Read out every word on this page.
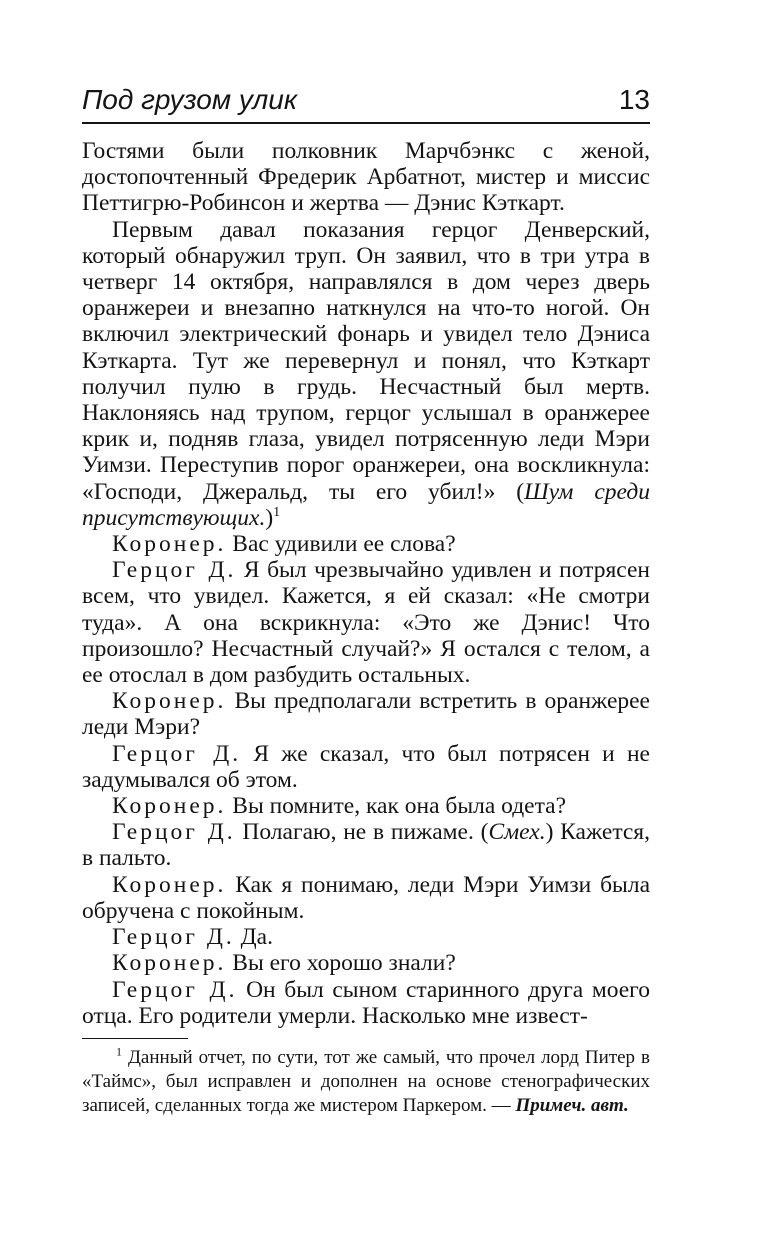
Под грузом улик	13

Гостями были полковник Марчбэнкс с женой, достопочтенный Фредерик Арбатнот, мистер и миссис Петтигрю-Робинсон и жертва — Дэнис Кэткарт.

Первым давал показания герцог Денверский, который обнаружил труп. Он заявил, что в три утра в четверг 14 октября, направлялся в дом через дверь оранжереи и внезапно наткнулся на что-то ногой. Он включил электрический фонарь и увидел тело Дэниса Кэткарта. Тут же перевернул и понял, что Кэткарт получил пулю в грудь. Несчастный был мертв. Наклоняясь над трупом, герцог услышал в оранжерее крик и, подняв глаза, увидел потрясенную леди Мэри Уимзи. Переступив порог оранжереи, она воскликнула: «Господи, Джеральд, ты его убил!» (Шум среди присутствующих.)$^1$

Коронер. Вас удивили ее слова?

Герцог Д. Я был чрезвычайно удивлен и потрясен всем, что увидел. Кажется, я ей сказал: «Не смотри туда». А она вскрикнула: «Это же Дэнис! Что произошло? Несчастный случай?» Я остался с телом, а ее отослал в дом разбудить остальных.

Коронер. Вы предполагали встретить в оранжерее леди Мэри?

Герцог Д. Я же сказал, что был потрясен и не задумывался об этом.

Коронер. Вы помните, как она была одета?

Герцог Д. Полагаю, не в пижаме. (Смех.) Кажется, в пальто.

Коронер. Как я понимаю, леди Мэри Уимзи была обручена с покойным.

Герцог Д. Да.

Коронер. Вы его хорошо знали?

Герцог Д. Он был сыном старинного друга моего отца. Его родители умерли. Насколько мне извест-

$^1$ Данный отчет, по сути, тот же самый, что прочел лорд Питер в «Таймс», был исправлен и дополнен на основе стенографических записей, сделанных тогда же мистером Паркером. — Примеч. авт.
